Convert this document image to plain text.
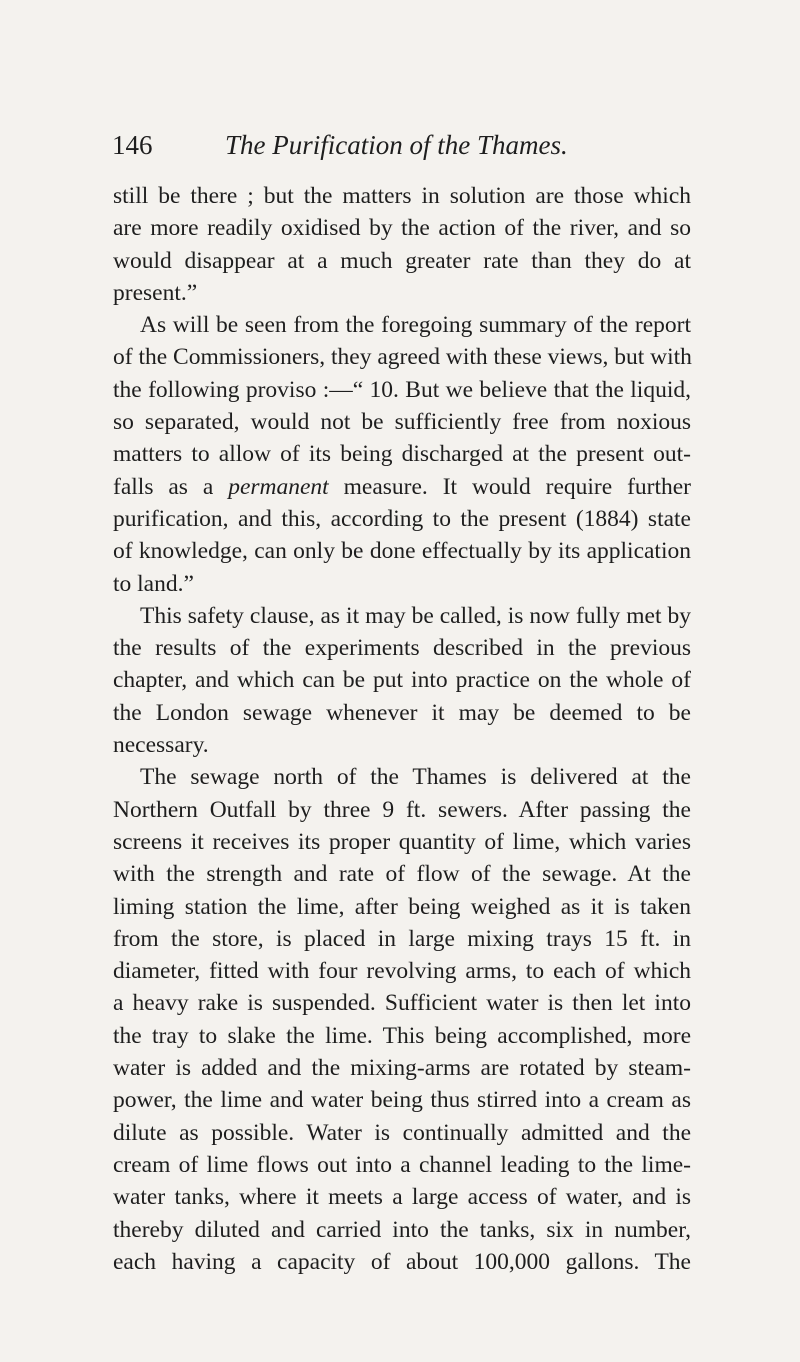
146	The Purification of the Thames.
still be there ; but the matters in solution are those which
are more readily oxidised by the action of the river, and so
would disappear at a much greater rate than they do at
present.”
As will be seen from the foregoing summary of the report
of the Commissioners, they agreed with these views, but with
the following proviso :—“ 10. But we believe that the liquid,
so separated, would not be sufficiently free from noxious
matters to allow of its being discharged at the present out-
falls as a permanent measure. It would require further
purification, and this, according to the present (1884) state
of knowledge, can only be done effectually by its application
to land.”
This safety clause, as it may be called, is now fully met by
the results of the experiments described in the previous
chapter, and which can be put into practice on the whole of
the London sewage whenever it may be deemed to be
necessary.
The sewage north of the Thames is delivered at the
Northern Outfall by three 9 ft. sewers. After passing the
screens it receives its proper quantity of lime, which varies
with the strength and rate of flow of the sewage. At the
liming station the lime, after being weighed as it is taken
from the store, is placed in large mixing trays 15 ft. in
diameter, fitted with four revolving arms, to each of which
a heavy rake is suspended. Sufficient water is then let into
the tray to slake the lime. This being accomplished, more
water is added and the mixing-arms are rotated by steam-
power, the lime and water being thus stirred into a cream as
dilute as possible. Water is continually admitted and the
cream of lime flows out into a channel leading to the lime-
water tanks, where it meets a large access of water, and is
thereby diluted and carried into the tanks, six in number,
each having a capacity of about 100,000 gallons. The
